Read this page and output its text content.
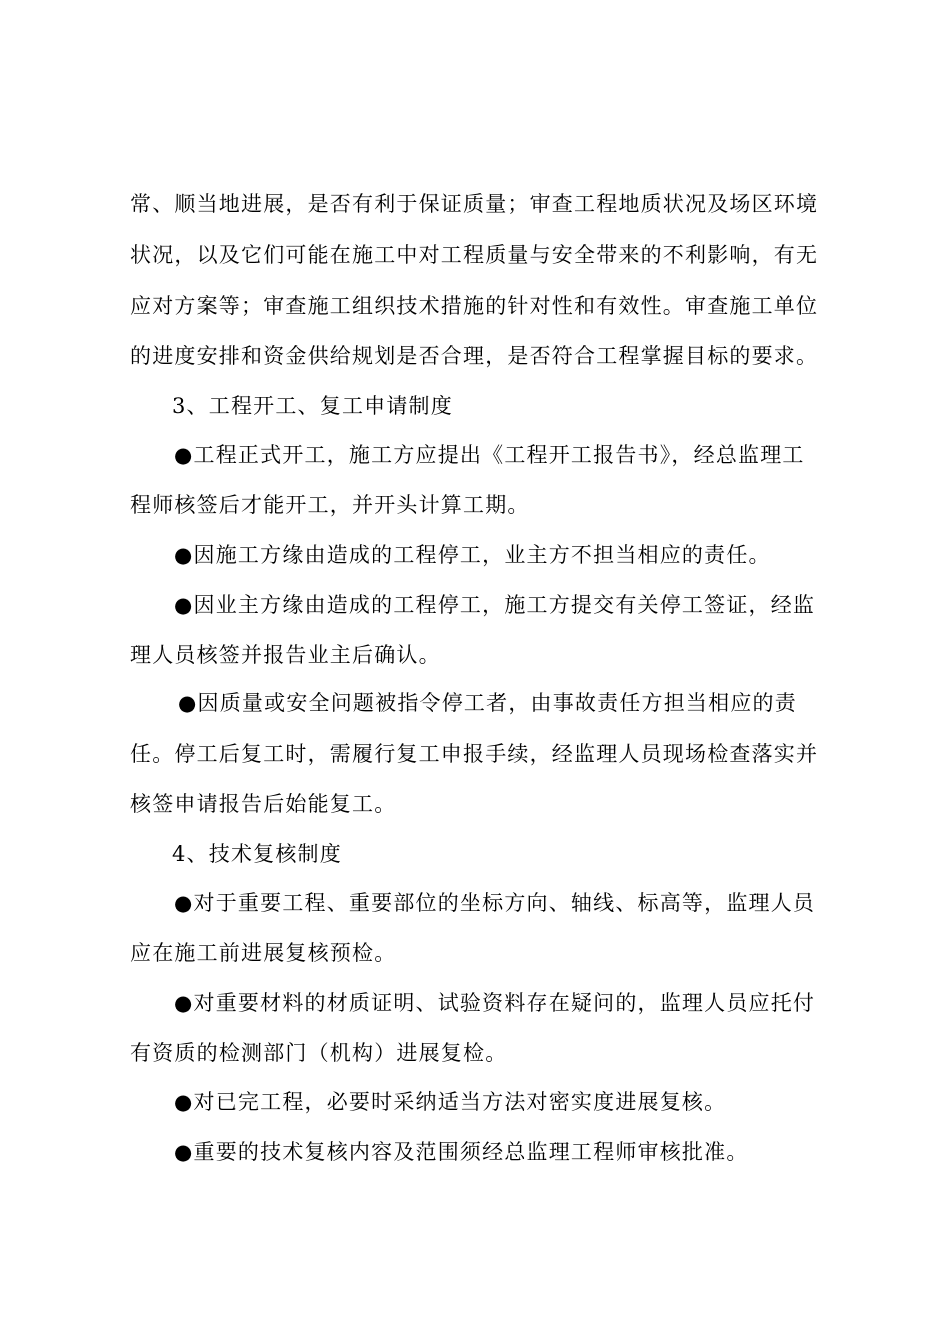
常、顺当地进展，是否有利于保证质量；审查工程地质状况及场区环境
状况，以及它们可能在施工中对工程质量与安全带来的不利影响，有无
应对方案等；审查施工组织技术措施的针对性和有效性。审查施工单位
的进度安排和资金供给规划是否合理，是否符合工程掌握目标的要求。
3、工程开工、复工申请制度
●工程正式开工，施工方应提出《工程开工报告书》，经总监理工
程师核签后才能开工，并开头计算工期。
●因施工方缘由造成的工程停工，业主方不担当相应的责任。
●因业主方缘由造成的工程停工，施工方提交有关停工签证，经监
理人员核签并报告业主后确认。
●因质量或安全问题被指令停工者，由事故责任方担当相应的责
任。停工后复工时，需履行复工申报手续，经监理人员现场检查落实并
核签申请报告后始能复工。
4、技术复核制度
●对于重要工程、重要部位的坐标方向、轴线、标高等，监理人员
应在施工前进展复核预检。
●对重要材料的材质证明、试验资料存在疑问的，监理人员应托付
有资质的检测部门（机构）进展复检。
●对已完工程，必要时采纳适当方法对密实度进展复核。
●重要的技术复核内容及范围须经总监理工程师审核批准。
